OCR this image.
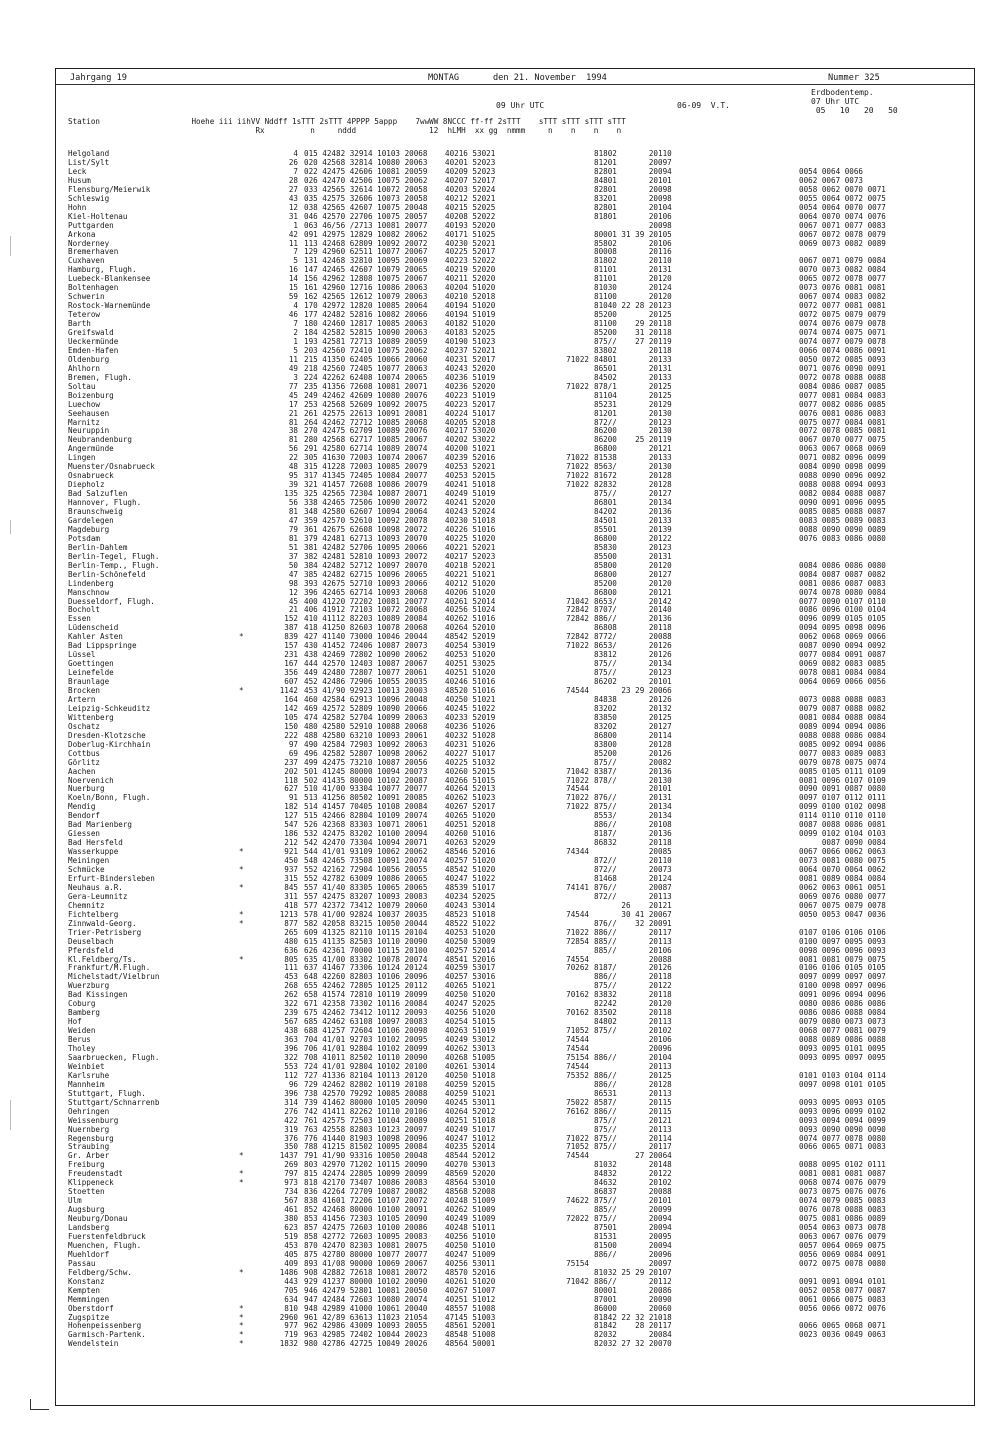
Jahrgang 19	MONTAG	den 21. November  1994	Nummer 325
Erdbodentemp.
07 Uhr UTC
09 Uhr UTC	06-09  V.T.
05   10   20   50
Station                    Hoehe iii iihVV Nddff 1sTTT 2sTTT 4PPPP 5appp    7wwWW 8NCCC ff-ff 2sTTT    sTTT sTTT sTTT sTTT
Rx          n     nddd                12  hLMH  xx gg  nmmm     n    n    n    n
Helgoland	4 015 42482 32914 10103 20068 40216 53021	81802       20110
List/Sylt	26 020 42568 32814 10080 20063 40201 52023	81201       20097
Leck	7 022 42475 42606 10081 20059 40209 52023	82801       20094	0054 0064 0066
Husum	28 026 42470 42506 10075 20062 40207 52017	84801       20101	0062 0067 0073
Flensburg/Meierwik	27 033 42565 32614 10072 20058 40203 52024	82801       20098	0058 0062 0070 0071
Schleswig	43 035 42575 32606 10073 20058 40212 52021	83201       20098	0055 0064 0072 0075
Hohn	12 038 42565 42607 10075 20048 40215 52025	82801       20104	0054 0064 0070 0077
Kiel-Holtenau	31 046 42570 22706 10075 20057 40208 52022	81801       20106	0064 0070 0074 0076
Puttgarden	1 063 46/56 /2713 10081 20077 40193 52020	20098	0067 0071 0077 0083
Arkona	42 091 42975 12829 10082 20062 40171 51025	80001 31 39 20105	0067 0072 0078 0079
Norderney	11 113 42468 62809 10092 20072 40230 52021	85802       20106	0069 0073 0082 0089
Bremerhaven	7 129 42960 62511 10077 20067 40225 52017	80008       20116
Cuxhaven	5 131 42468 32810 10095 20069 40223 52022	81802       20110	0067 0071 0079 0084
Hamburg, Flugh.	16 147 42465 42607 10079 20065 40219 52020	81101       20131	0070 0073 0082 0084
Luebeck-Blankensee	14 156 42962 12808 10075 20067 40211 52020	81101       20120	0065 0072 0078 0077
Boltenhagen	15 161 42960 12716 10086 20063 40204 51020	81030       20124	0073 0076 0081 0081
Schwerin	59 162 42565 12612 10079 20063 40210 52018	81100       20120	0067 0074 0083 0082
Rostock-Warnemünde	4 170 42972 12820 10085 20064 40194 51020	81040 22 28 20123	0072 0077 0081 0081
Teterow	46 177 42482 52816 10082 20066 40194 51019	85200       20125	0072 0075 0079 0079
Barth	7 180 42460 12817 10085 20063 40182 51020	81100    29 20118	0074 0076 0079 0078
Greifswald	2 184 42582 52815 10090 20063 40183 52025	85200    31 20118	0074 0074 0075 0071
Ueckermünde	1 193 42581 72713 10089 20059 40190 51023	875//    27 20119	0074 0077 0079 0078
Emden-Hafen	5 203 42560 72410 10075 20062 40237 52021	83802       20118	0066 0074 0086 0091
Oldenburg	11 215 41350 62405 10066 20060 40231 52017	71022 84801       20133	0050 0072 0085 0093
Ahlhorn	49 218 42560 72405 10077 20063 40243 52020	86501       20131	0071 0076 0090 0091
Bremen, Flugh.	3 224 42262 62408 10074 20065 40236 51019	84502       20133	0072 0078 0088 0088
Soltau	77 235 41356 72608 10081 20071 40236 52020	71022 878/1       20125	0084 0086 0087 0085
Boizenburg	45 249 42462 42609 10080 20076 40223 51019	81104       20125	0077 0081 0084 0083
Luechow	17 253 42568 52609 10092 20075 40223 52017	85231       20129	0077 0082 0086 0085
Seehausen	21 261 42575 22613 10091 20081 40224 51017	81201       20130	0076 0081 0086 0083
Marnitz	81 264 42462 72712 10085 20068 40205 52018	872//       20123	0075 0077 0084 0081
Neuruppin	38 270 42475 62709 10089 20076 40217 53020	86200       20130	0072 0078 0085 0081
Neubrandenburg	81 280 42568 62717 10085 20067 40202 53022	86200    25 20119	0067 0070 0077 0075
Angermünde	56 291 42580 62714 10089 20074 40200 51021	86800       20121	0063 0067 0068 0069
Lingen	22 305 41630 72003 10074 20067 40239 52016	71022 81538       20133	0071 0082 0096 0099
Muenster/Osnabrueck	48 315 41228 72003 10085 20079 40253 52021	71022 8563/       20130	0084 0090 0098 0099
Osnabrueck	95 317 41345 72405 10084 20077 40253 52015	71022 81672       20128	0088 0090 0096 0092
Diepholz	39 321 41457 72608 10086 20079 40241 51018	71022 82832       20128	0088 0088 0094 0093
Bad Salzuflen	135 325 42565 72304 10087 20071 40249 51019	875//       20127	0082 0084 0088 0087
Hannover, Flugh.	56 338 42465 72506 10090 20072 40241 52020	86801       20134	0090 0091 0096 0095
Braunschweig	81 348 42580 62607 10094 20064 40243 52024	84202       20136	0085 0085 0088 0087
Gardelegen	47 359 42570 52610 10092 20078 40230 51018	84501       20133	0083 0085 0089 0083
Magdeburg	79 361 42675 62608 10098 20072 40226 51016	85501       20139	0088 0090 0090 0089
Potsdam	81 379 42481 62713 10093 20070 40225 51020	86800       20122	0076 0083 0086 0080
Berlin-Dahlem	51 381 42482 52706 10095 20066 40221 52021	85830       20123
Berlin-Tegel, Flugh.	37 382 42481 52810 10093 20072 40217 52023	85500       20131
Berlin-Temp., Flugh.	50 384 42482 52712 10097 20070 40218 52021	85800       20120	0084 0086 0086 0080
Berlin-Schönefeld	47 385 42482 62715 10096 20065 40221 51021	86800       20127	0084 0087 0087 0082
Lindenberg	98 393 42675 52710 10093 20066 40212 51020	85200       20120	0081 0086 0087 0083
Manschnow	12 396 42465 62714 10093 20068 40206 51020	86800       20121	0074 0078 0080 0084
Duesseldorf, Flugh.	45 400 41220 72202 10081 20077 40261 52014	71042 8653/       20142	0077 0090 0107 0110
Bocholt	21 406 41912 72103 10072 20068 40256 51024	72842 8707/       20140	0086 0096 0100 0104
Essen	152 410 41112 82203 10089 20084 40262 51016	72842 886//       20136	0096 0099 0105 0105
Lüdenscheid	387 418 41250 82603 10078 20068 40264 52010	86808       20118	0094 0095 0098 0096
Kahler Asten	*	839 427 41140 73000 10046 20044 48542 52019	72842 8772/       20088	0062 0068 0069 0066
Bad Lippspringe	157 430 41452 72406 10087 20073 40254 53019	71022 8653/       20126	0087 0090 0094 0092
Lüssel	231 438 42469 72802 10090 20062 40253 51020	83812       20126	0077 0084 0091 0087
Goettingen	167 444 42570 12403 10087 20067 40251 53025	875//       20134	0069 0082 0083 0085
Leinefelde	356 449 42480 72807 10077 20061 40251 51020	875//       20123	0078 0081 0084 0084
Braunlage	607 452 42486 72906 10055 20035 40246 51016	86202       20101	0064 0069 0066 0056
Brocken	*	1142 453 41/90 92923 10013 20003 48520 51016	74544 23 29 20066
Artern	164 460 42584 62913 10096 20048 40250 51021	84838       20126	0073 0088 0088 0083
Leipzig-Schkeuditz	142 469 42572 52809 10090 20066 40245 51022	83202       20132	0079 0087 0088 0082
Wittenberg	105 474 42582 52704 10099 20063 40233 52019	83850       20125	0081 0084 0088 0084
Oschatz	150 480 42580 52910 10088 20068 40236 51026	83202       20127	0089 0094 0094 0086
Dresden-Klotzsche	222 488 42580 63210 10093 20061 40232 51028	86800       20114	0088 0088 0086 0084
Doberlug-Kirchhain	97 490 42584 72903 10092 20063 40231 51026	83800       20128	0085 0092 0094 0086
Cottbus	69 496 42582 52807 10098 20062 40227 51017	85200       20126	0077 0083 0089 0083
Görlitz	237 499 42475 73210 10087 20056 40225 51032	875//       20082	0079 0078 0075 0074
Aachen	202 501 41245 80000 10094 20073 40260 52015	71042 8387/       20136	0085 0105 0111 0109
Noervenich	118 502 41435 80000 10102 20087 40266 51015	71022 878//       20130	0081 0096 0107 0109
Nuerburg	627 510 41/00 93304 10077 20077 40264 52013	74544 20101	0090 0091 0087 0080
Koeln/Bonn, Flugh.	91 513 41256 80502 10091 20085 40262 51023	71022 876//       20131	0097 0107 0112 0111
Mendig	182 514 41457 70405 10108 20084 40267 52017	71022 875//       20134	0099 0100 0102 0098
Bendorf	127 515 42466 82804 10109 20074 40265 51020	8553/       20134	0114 0110 0110 0110
Bad Marienberg	547 526 42368 83303 10071 20061 40251 52018	886//       20108	0087 0088 0086 0081
Giessen	186 532 42475 83202 10100 20094 40260 51016	8187/       20136	0099 0102 0104 0103
Bad Hersfeld	212 542 42470 73304 10094 20071 40263 52029	86832       20118	0087 0090 0084
Wasserkuppe	*	921 544 41/01 93109 10062 20062 48546 52016	74344 20085	0067 0066 0062 0063
Meiningen	450 548 42465 73508 10091 20074 40257 51020	872//       20110	0073 0081 0080 0075
Schmücke	*	937 552 42162 72904 10056 20055 48542 51020	872//       20073	0064 0070 0064 0062
Erfurt-Bindersleben	315 552 42782 63009 10086 20065 40247 51022	81468       20124	0081 0089 0084 0084
Neuhaus a.R.	*	845 557 41/40 83305 10065 20065 48539 51017	74141 876//       20087	0062 0063 0061 0051
Gera-Leumnitz	311 557 42475 83207 10093 20083 40234 52025	872//       20113	0069 0076 0080 0077
Chemnitz	418 577 42372 73412 10079 20060 40243 53014	26    20121	0067 0075 0079 0078
Fichtelberg	*	1213 578 41/00 92824 10037 20035 48523 51018	74544 30 41 20067	0050 0053 0047 0036
Zinnwald-Georg.	*	877 582 42058 83215 10050 20044 48522 51022	876//    32 20091
Trier-Petrisberg	265 609 41325 82110 10115 20104 40253 51020	71022 886//       20117	0107 0106 0106 0106
Deuselbach	480 615 41135 82503 10110 20090 40250 53009	72854 885//       20113	0100 0097 0095 0093
Pferdsfeld	636 626 42361 70000 10115 20100 40257 52014	885//       20106	0098 0096 0096 0093
Kl.Feldberg/Ts.	*	805 635 41/00 83302 10078 20074 48541 52016	74554 20088	0081 0081 0079 0075
Frankfurt/M.Flugh.	111 637 41467 73306 10124 20124 40259 53017	70262 8187/       20126	0106 0106 0105 0105
Michelstadt/Vielbrun	453 648 42260 82803 10106 20096 40257 53016	886//       20118	0097 0099 0097 0097
Wuerzburg	268 655 42462 72805 10125 20112 40265 51021	875//       20122	0100 0098 0097 0096
Bad Kissingen	262 658 41574 72810 10119 20099 40250 51020	70162 83832       20118	0091 0096 0094 0096
Coburg	322 671 42358 73302 10116 20084 40247 52025	82242       20120	0080 0086 0086 0086
Bamberg	239 675 42462 73412 10112 20093 40256 51020	70162 83502       20118	0086 0086 0088 0084
Hof	567 685 42462 63108 10097 20083 40254 51015	84802       20113	0079 0080 0073 0073
Weiden	438 688 41257 72604 10106 20098 40263 51019	71052 875//       20102	0068 0077 0081 0079
Berus	363 704 41/01 92703 10102 20095 40249 53012	74544 20106	0088 0089 0086 0088
Tholey	396 706 41/01 92804 10102 20099 40262 53013	74544 20096	0093 0095 0101 0095
Saarbruecken, Flugh.	322 708 41011 82502 10110 20090 40268 51005	75154 886//       20104	0093 0095 0097 0095
Weinbiet	553 724 41/01 92804 10102 20100 40261 53014	74544 20113
Karlsruhe	112 727 41336 82104 10113 20120 40250 51018	75352 886//       20125	0101 0103 0104 0114
Mannheim	96 729 42462 82802 10119 20108 40259 52015	886//       20128	0097 0098 0101 0105
Stuttgart, Flugh.	396 738 42570 79292 10085 20088 40259 51021	86531       20113
Stuttgart/Schnarrenb	314 739 41462 80000 10105 20090 40245 53011	75022 8587/       20115	0093 0095 0093 0105
Oehringen	276 742 41411 82262 10110 20106 40264 52012	76162 886//       20115	0093 0096 0099 0102
Weissenburg	422 761 42575 72503 10104 20089 40251 51018	875//       20121	0093 0094 0094 0099
Nuernberg	319 763 42558 82803 10123 20097 40249 51017	875//       20113	0093 0090 0090 0090
Regensburg	376 776 41440 81903 10098 20096 40247 51012	71022 875//       20114	0074 0077 0078 0080
Straubing	350 788 41215 81502 10095 20084 40235 52014	71052 875//       20117	0066 0065 0071 0083
Gr. Arber	*	1437 791 41/90 93316 10050 20048 48544 52012	74544 27 20064
Freiburg	269 803 42970 71202 10115 20090 40270 53013	81032       20148	0088 0095 0102 0111
Freudenstadt	*	797 815 42474 22805 10099 20099 48569 52020	84832       20122	0081 0081 0081 0087
Klippeneck	*	973 818 42170 73407 10086 20083 48564 53010	84632       20102	0068 0074 0076 0079
Stoetten	734 836 42264 72709 10087 20082 48568 52008	86837       20088	0073 0075 0076 0076
Ulm	567 838 41601 72206 10107 20072 40248 51009	74622 875//       20101	0074 0079 0085 0083
Augsburg	461 852 42468 80000 10100 20091 40262 51009	885//       20099	0076 0078 0088 0083
Neuburg/Donau	380 853 41456 72303 10105 20090 40249 51009	72022 875//       20094	0075 0081 0086 0089
Landsberg	623 857 42475 72603 10100 20086 40248 51011	87501       20094	0054 0063 0073 0078
Fuerstenfeldbruck	519 858 42772 72603 10095 20083 40256 51010	81531       20095	0063 0067 0076 0079
Muenchen, Flugh.	453 870 42470 82303 10081 20075 40250 51010	81500       20094	0057 0064 0069 0075
Muehldorf	405 875 42780 80000 10077 20077 40247 51009	886//       20096	0056 0069 0084 0091
Passau	409 893 41/08 90000 10069 20067 40256 53011	75154 20097	0072 0075 0078 0080
Feldberg/Schw.	*	1486 908 42882 72618 10081 20072 48570 52016	81032 25 29 20107
Konstanz	443 929 41237 80000 10102 20090 40261 51020	71042 886//       20112	0091 0091 0094 0101
Kempten	705 946 42479 52801 10081 20050 40267 51007	80001       20086	0052 0058 0077 0087
Memmingen	634 947 42484 72603 10080 20074 40251 51012	87001       20090	0061 0066 0075 0083
Oberstdorf	*	810 948 42989 41000 10061 20040 48557 51008	86000       20060	0056 0066 0072 0076
Zugspitze	*	2960 961 42/89 63613 11023 21054 47145 51003	81842 22 32 21018
Hohenpeissenberg	*	977 962 42986 43009 10093 20055 48561 52001	81842    28 20117	0066 0065 0068 0071
Garmisch-Partenk.	*	719 963 42985 72402 10044 20023 48548 51008	82032       20084	0023 0036 0049 0063
Wendelstein	*	1832 980 42786 42725 10049 20026 48564 50001	82032 27 32 20070
